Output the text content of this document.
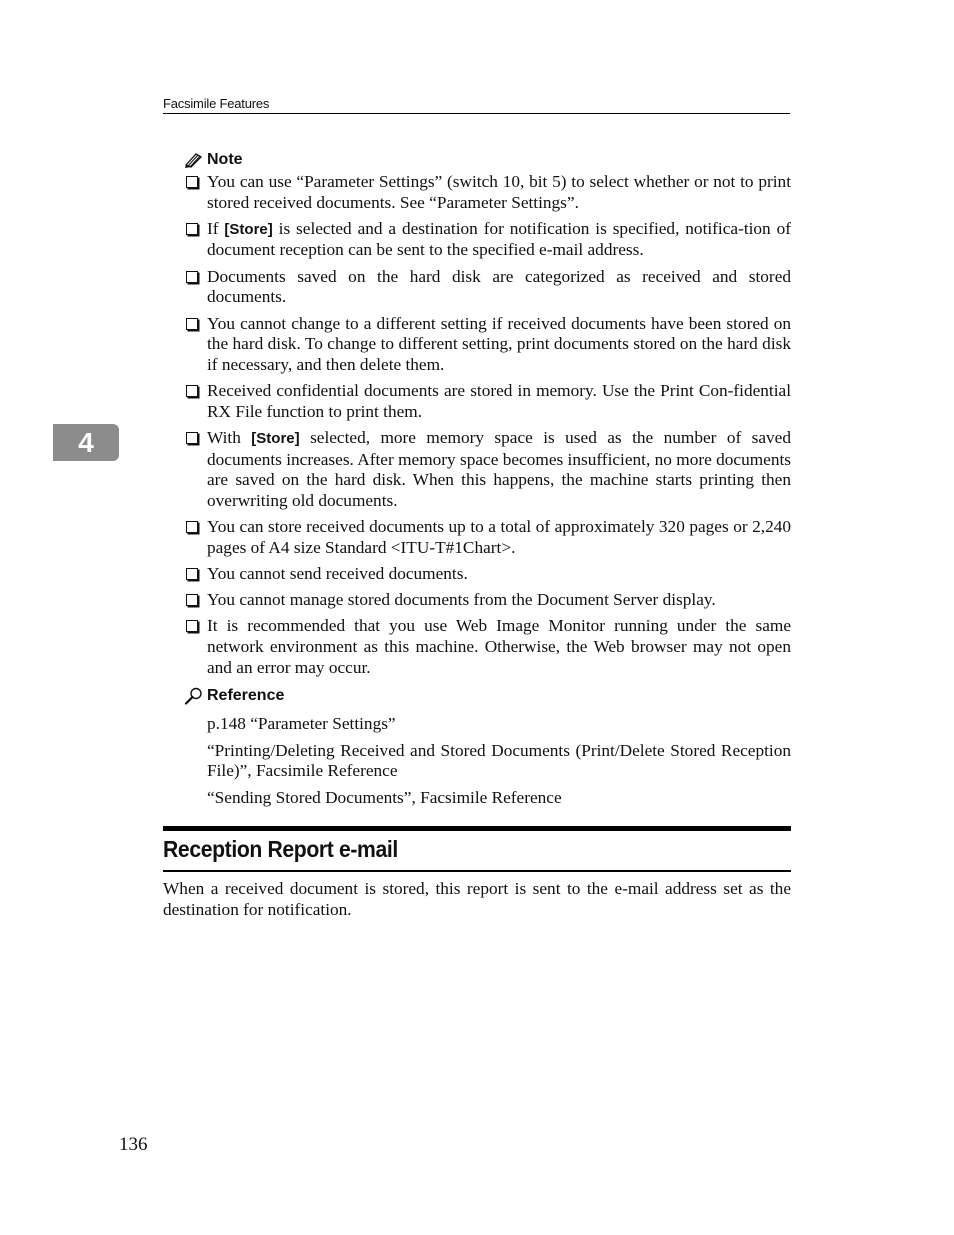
Facsimile Features
4
Note
You can use “Parameter Settings” (switch 10, bit 5) to select whether or not to print stored received documents. See “Parameter Settings”.
If [Store] is selected and a destination for notification is specified, notifica-tion of document reception can be sent to the specified e-mail address.
Documents saved on the hard disk are categorized as received and stored documents.
You cannot change to a different setting if received documents have been stored on the hard disk. To change to different setting, print documents stored on the hard disk if necessary, and then delete them.
Received confidential documents are stored in memory. Use the Print Con-fidential RX File function to print them.
With [Store] selected, more memory space is used as the number of saved documents increases. After memory space becomes insufficient, no more documents are saved on the hard disk. When this happens, the machine starts printing then overwriting old documents.
You can store received documents up to a total of approximately 320 pages or 2,240 pages of A4 size Standard <ITU-T#1Chart>.
You cannot send received documents.
You cannot manage stored documents from the Document Server display.
It is recommended that you use Web Image Monitor running under the same network environment as this machine. Otherwise, the Web browser may not open and an error may occur.
Reference
p.148 “Parameter Settings”
“Printing/Deleting Received and Stored Documents (Print/Delete Stored Reception File)”, Facsimile Reference
“Sending Stored Documents”, Facsimile Reference
Reception Report e-mail
When a received document is stored, this report is sent to the e-mail address set as the destination for notification.
136
